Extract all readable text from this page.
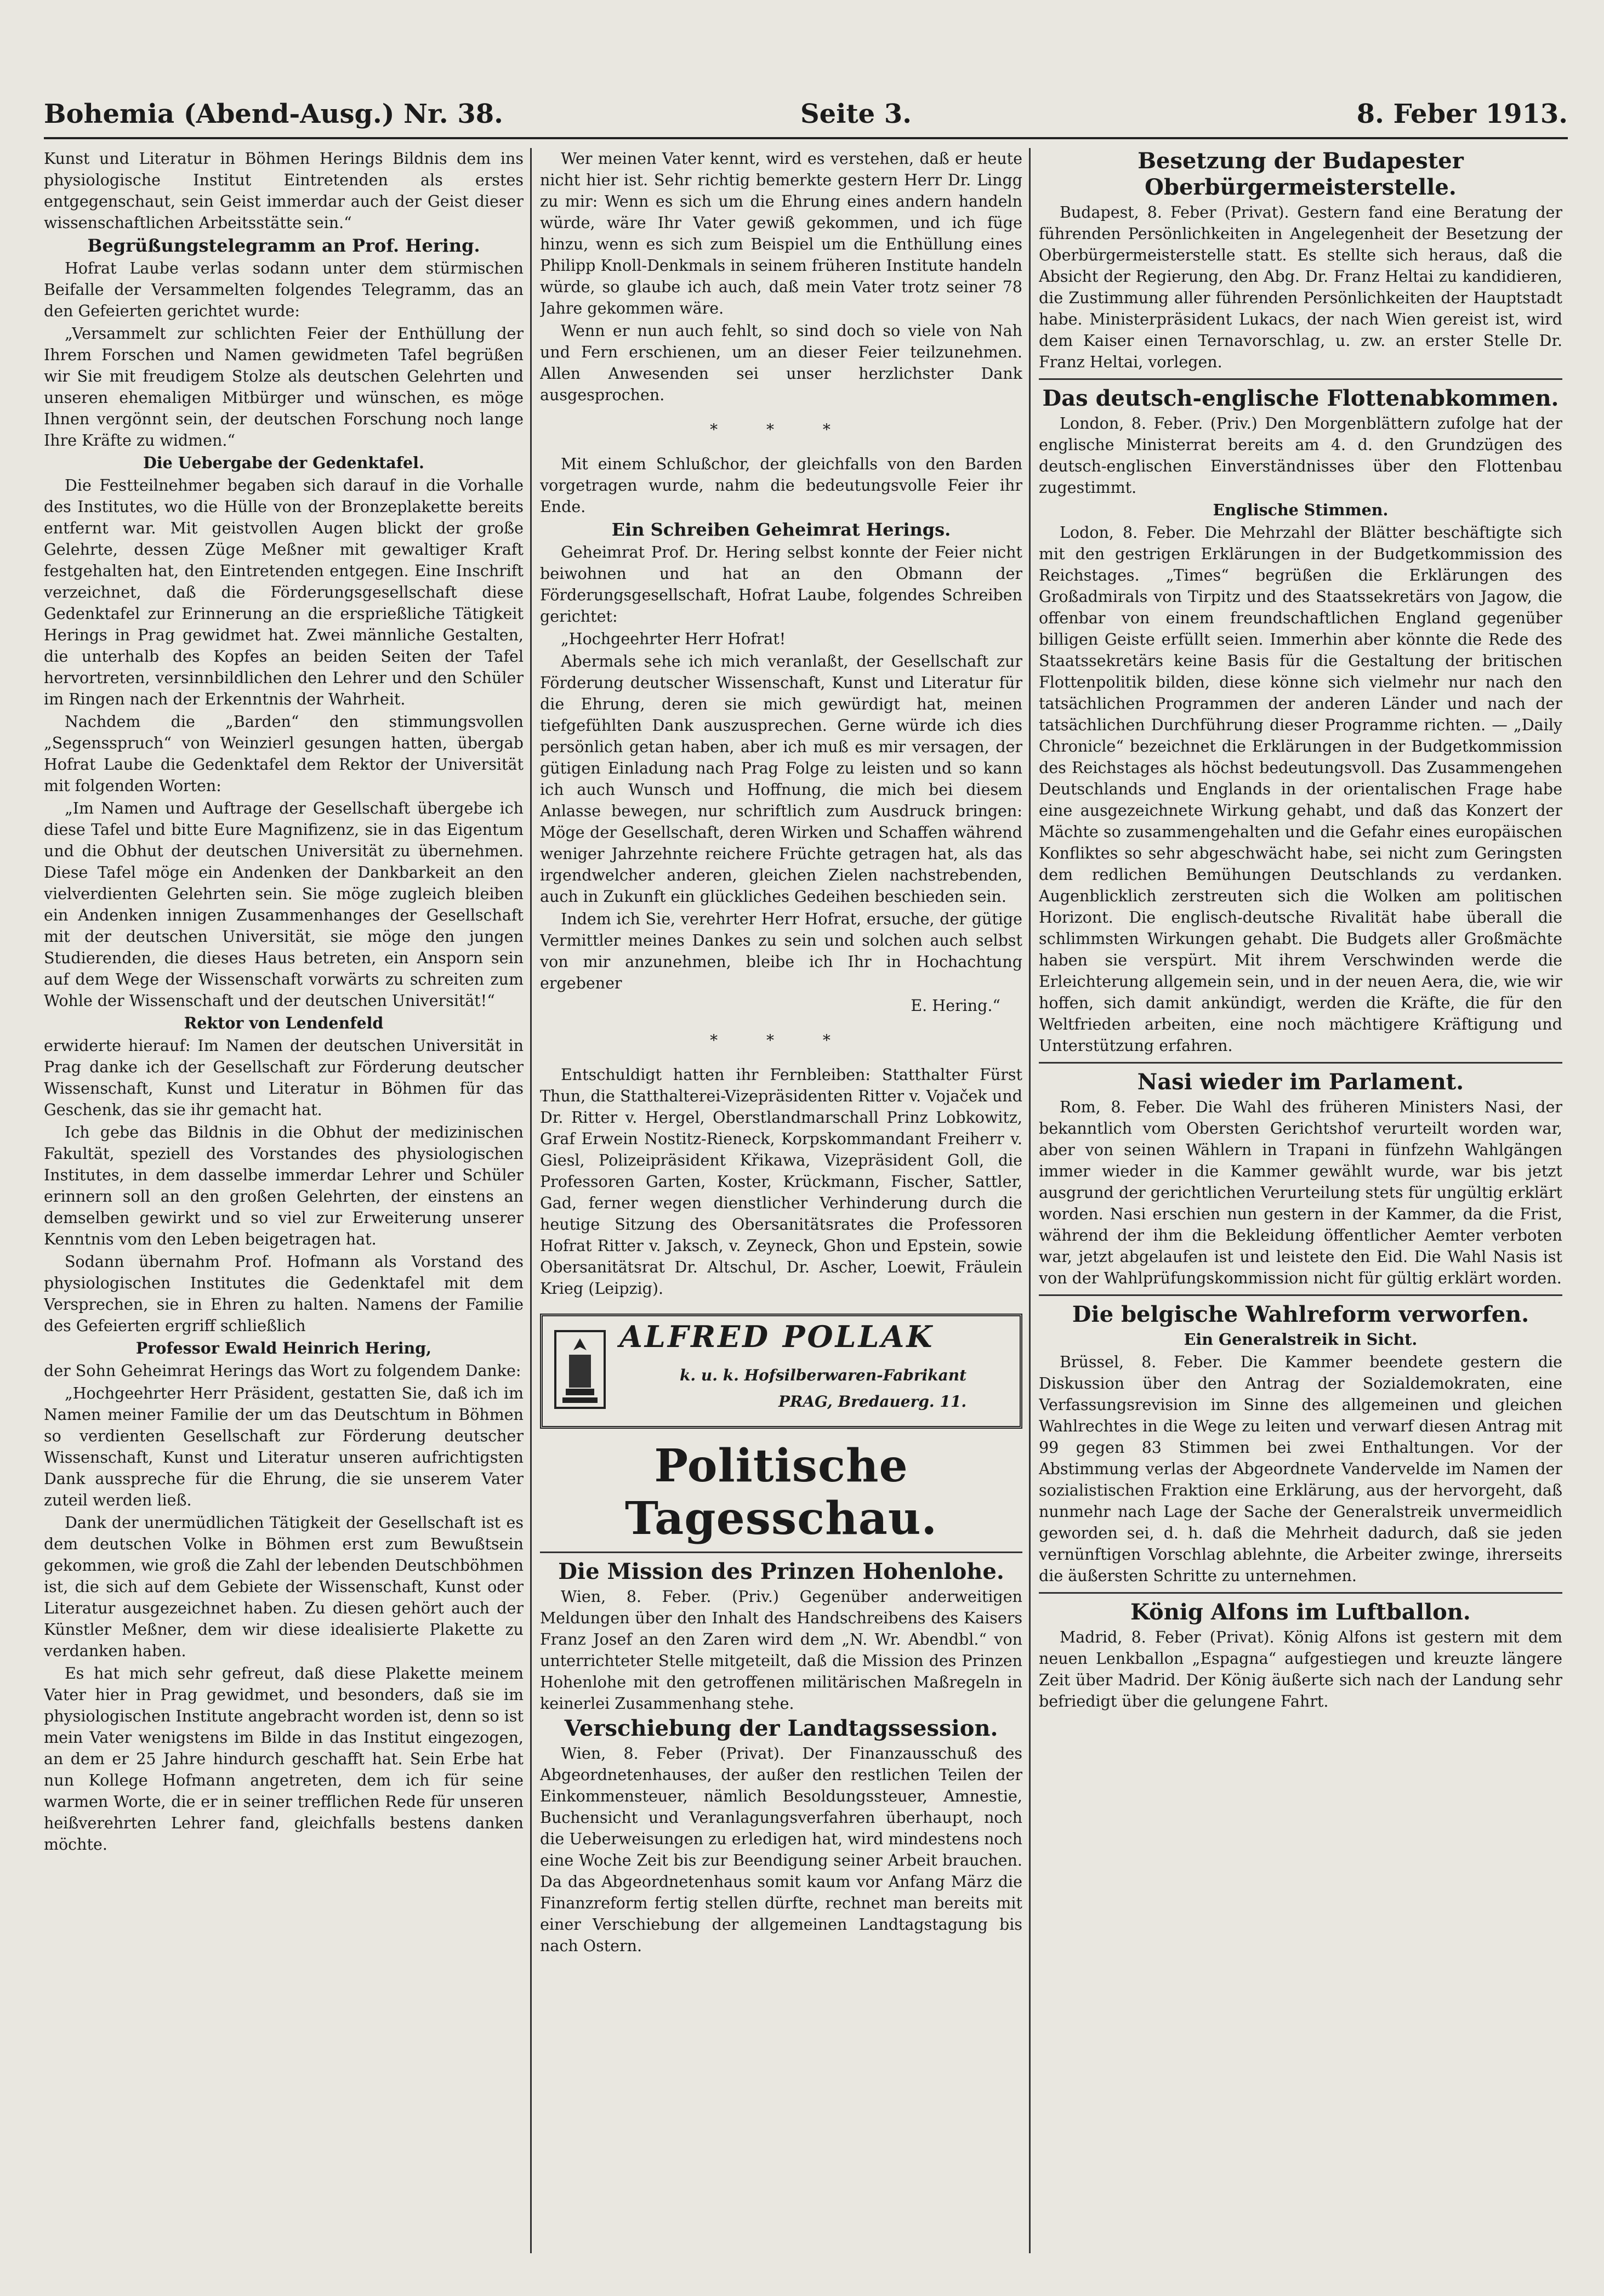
Bohemia (Abend-Ausg.) Nr. 38.	Seite 3.	8. Feber 1913.

Kunst und Literatur in Böhmen Herings Bildnis dem ins physiologische Institut Eintretenden als erstes entgegenschaut, sein Geist immerdar auch der Geist dieser wissenschaftlichen Arbeitsstätte sein.“

Begrüßungstelegramm an Prof. Hering.

Hofrat Laube verlas sodann unter dem stürmischen Beifalle der Versammelten folgendes Telegramm, das an den Gefeierten gerichtet wurde:

„Versammelt zur schlichten Feier der Enthüllung der Ihrem Forschen und Namen gewidmeten Tafel begrüßen wir Sie mit freudigem Stolze als deutschen Gelehrten und unseren ehemaligen Mitbürger und wünschen, es möge Ihnen vergönnt sein, der deutschen Forschung noch lange Ihre Kräfte zu widmen.“

Die Uebergabe der Gedenktafel.

Die Festteilnehmer begaben sich darauf in die Vorhalle des Institutes, wo die Hülle von der Bronzeplakette bereits entfernt war. Mit geistvollen Augen blickt der große Gelehrte, dessen Züge Meßner mit gewaltiger Kraft festgehalten hat, den Eintretenden entgegen. Eine Inschrift verzeichnet, daß die Förderungsgesellschaft diese Gedenktafel zur Erinnerung an die ersprießliche Tätigkeit Herings in Prag gewidmet hat. Zwei männliche Gestalten, die unterhalb des Kopfes an beiden Seiten der Tafel hervortreten, versinnbildlichen den Lehrer und den Schüler im Ringen nach der Erkenntnis der Wahrheit.

Nachdem die „Barden“ den stimmungsvollen „Segensspruch“ von Weinzierl gesungen hatten, übergab Hofrat Laube die Gedenktafel dem Rektor der Universität mit folgenden Worten:

„Im Namen und Auftrage der Gesellschaft übergebe ich diese Tafel und bitte Eure Magnifizenz, sie in das Eigentum und die Obhut der deutschen Universität zu übernehmen. Diese Tafel möge ein Andenken der Dankbarkeit an den vielverdienten Gelehrten sein. Sie möge zugleich bleiben ein Andenken innigen Zusammenhanges der Gesellschaft mit der deutschen Universität, sie möge den jungen Studierenden, die dieses Haus betreten, ein Ansporn sein auf dem Wege der Wissenschaft vorwärts zu schreiten zum Wohle der Wissenschaft und der deutschen Universität!“

Rektor von Lendenfeld

erwiderte hierauf: Im Namen der deutschen Universität in Prag danke ich der Gesellschaft zur Förderung deutscher Wissenschaft, Kunst und Literatur in Böhmen für das Geschenk, das sie ihr gemacht hat.

Ich gebe das Bildnis in die Obhut der medizinischen Fakultät, speziell des Vorstandes des physiologischen Institutes, in dem dasselbe immerdar Lehrer und Schüler erinnern soll an den großen Gelehrten, der einstens an demselben gewirkt und so viel zur Erweiterung unserer Kenntnis vom den Leben beigetragen hat.

Sodann übernahm Prof. Hofmann als Vorstand des physiologischen Institutes die Gedenktafel mit dem Versprechen, sie in Ehren zu halten. Namens der Familie des Gefeierten ergriff schließlich

Professor Ewald Heinrich Hering,

der Sohn Geheimrat Herings das Wort zu folgendem Danke:

„Hochgeehrter Herr Präsident, gestatten Sie, daß ich im Namen meiner Familie der um das Deutschtum in Böhmen so verdienten Gesellschaft zur Förderung deutscher Wissenschaft, Kunst und Literatur unseren aufrichtigsten Dank ausspreche für die Ehrung, die sie unserem Vater zuteil werden ließ.

Dank der unermüdlichen Tätigkeit der Gesellschaft ist es dem deutschen Volke in Böhmen erst zum Bewußtsein gekommen, wie groß die Zahl der lebenden Deutschböhmen ist, die sich auf dem Gebiete der Wissenschaft, Kunst oder Literatur ausgezeichnet haben. Zu diesen gehört auch der Künstler Meßner, dem wir diese idealisierte Plakette zu verdanken haben.

Es hat mich sehr gefreut, daß diese Plakette meinem Vater hier in Prag gewidmet, und besonders, daß sie im physiologischen Institute angebracht worden ist, denn so ist mein Vater wenigstens im Bilde in das Institut eingezogen, an dem er 25 Jahre hindurch geschafft hat. Sein Erbe hat nun Kollege Hofmann angetreten, dem ich für seine warmen Worte, die er in seiner trefflichen Rede für unseren heißverehrten Lehrer fand, gleichfalls bestens danken möchte.

Wer meinen Vater kennt, wird es verstehen, daß er heute nicht hier ist. Sehr richtig bemerkte gestern Herr Dr. Lingg zu mir: Wenn es sich um die Ehrung eines andern handeln würde, wäre Ihr Vater gewiß gekommen, und ich füge hinzu, wenn es sich zum Beispiel um die Enthüllung eines Philipp Knoll-Denkmals in seinem früheren Institute handeln würde, so glaube ich auch, daß mein Vater trotz seiner 78 Jahre gekommen wäre.

Wenn er nun auch fehlt, so sind doch so viele von Nah und Fern erschienen, um an dieser Feier teilzunehmen. Allen Anwesenden sei unser herzlichster Dank ausgesprochen.

* * *

Mit einem Schlußchor, der gleichfalls von den Barden vorgetragen wurde, nahm die bedeutungsvolle Feier ihr Ende.

Ein Schreiben Geheimrat Herings.

Geheimrat Prof. Dr. Hering selbst konnte der Feier nicht beiwohnen und hat an den Obmann der Förderungsgesellschaft, Hofrat Laube, folgendes Schreiben gerichtet:

„Hochgeehrter Herr Hofrat!

Abermals sehe ich mich veranlaßt, der Gesellschaft zur Förderung deutscher Wissenschaft, Kunst und Literatur für die Ehrung, deren sie mich gewürdigt hat, meinen tiefgefühlten Dank auszusprechen. Gerne würde ich dies persönlich getan haben, aber ich muß es mir versagen, der gütigen Einladung nach Prag Folge zu leisten und so kann ich auch Wunsch und Hoffnung, die mich bei diesem Anlasse bewegen, nur schriftlich zum Ausdruck bringen: Möge der Gesellschaft, deren Wirken und Schaffen während weniger Jahrzehnte reichere Früchte getragen hat, als das irgendwelcher anderen, gleichen Zielen nachstrebenden, auch in Zukunft ein glückliches Gedeihen beschieden sein.

Indem ich Sie, verehrter Herr Hofrat, ersuche, der gütige Vermittler meines Dankes zu sein und solchen auch selbst von mir anzunehmen, bleibe ich Ihr in Hochachtung ergebener

E. Hering.“

* * *

Entschuldigt hatten ihr Fernbleiben: Statthalter Fürst Thun, die Statthalterei-Vizepräsidenten Ritter v. Vojaček und Dr. Ritter v. Hergel, Oberstlandmarschall Prinz Lobkowitz, Graf Erwein Nostitz-Rieneck, Korpskommandant Freiherr v. Giesl, Polizeipräsident Křikawa, Vizepräsident Goll, die Professoren Garten, Koster, Krückmann, Fischer, Sattler, Gad, ferner wegen dienstlicher Verhinderung durch die heutige Sitzung des Obersanitätsrates die Professoren Hofrat Ritter v. Jaksch, v. Zeyneck, Ghon und Epstein, sowie Obersanitätsrat Dr. Altschul, Dr. Ascher, Loewit, Fräulein Krieg (Leipzig).

ALFRED POLLAK
k. u. k. Hofsilberwaren-Fabrikant
PRAG, Bredauerg. 11.
Politische Tagesschau.

Die Mission des Prinzen Hohenlohe.

Wien, 8. Feber. (Priv.) Gegenüber anderweitigen Meldungen über den Inhalt des Handschreibens des Kaisers Franz Josef an den Zaren wird dem „N. Wr. Abendbl.“ von unterrichteter Stelle mitgeteilt, daß die Mission des Prinzen Hohenlohe mit den getroffenen militärischen Maßregeln in keinerlei Zusammenhang stehe.

Verschiebung der Landtagssession.

Wien, 8. Feber (Privat). Der Finanzausschuß des Abgeordnetenhauses, der außer den restlichen Teilen der Einkommensteuer, nämlich Besoldungssteuer, Amnestie, Buchensicht und Veranlagungsverfahren überhaupt, noch die Ueberweisungen zu erledigen hat, wird mindestens noch eine Woche Zeit bis zur Beendigung seiner Arbeit brauchen. Da das Abgeordnetenhaus somit kaum vor Anfang März die Finanzreform fertig stellen dürfte, rechnet man bereits mit einer Verschiebung der allgemeinen Landtagstagung bis nach Ostern.

Besetzung der Budapester Oberbürgermeisterstelle.

Budapest, 8. Feber (Privat). Gestern fand eine Beratung der führenden Persönlichkeiten in Angelegenheit der Besetzung der Oberbürgermeisterstelle statt. Es stellte sich heraus, daß die Absicht der Regierung, den Abg. Dr. Franz Heltai zu kandidieren, die Zustimmung aller führenden Persönlichkeiten der Hauptstadt habe. Ministerpräsident Lukacs, der nach Wien gereist ist, wird dem Kaiser einen Ternavorschlag, u. zw. an erster Stelle Dr. Franz Heltai, vorlegen.

Das deutsch-englische Flottenabkommen.

London, 8. Feber. (Priv.) Den Morgenblättern zufolge hat der englische Ministerrat bereits am 4. d. den Grundzügen des deutsch-englischen Einverständnisses über den Flottenbau zugestimmt.

Englische Stimmen.

Lodon, 8. Feber. Die Mehrzahl der Blätter beschäftigte sich mit den gestrigen Erklärungen in der Budgetkommission des Reichstages. „Times“ begrüßen die Erklärungen des Großadmirals von Tirpitz und des Staatssekretärs von Jagow, die offenbar von einem freundschaftlichen England gegenüber billigen Geiste erfüllt seien. Immerhin aber könnte die Rede des Staatssekretärs keine Basis für die Gestaltung der britischen Flottenpolitik bilden, diese könne sich vielmehr nur nach den tatsächlichen Programmen der anderen Länder und nach der tatsächlichen Durchführung dieser Programme richten. — „Daily Chronicle“ bezeichnet die Erklärungen in der Budgetkommission des Reichstages als höchst bedeutungsvoll. Das Zusammengehen Deutschlands und Englands in der orientalischen Frage habe eine ausgezeichnete Wirkung gehabt, und daß das Konzert der Mächte so zusammengehalten und die Gefahr eines europäischen Konfliktes so sehr abgeschwächt habe, sei nicht zum Geringsten dem redlichen Bemühungen Deutschlands zu verdanken. Augenblicklich zerstreuten sich die Wolken am politischen Horizont. Die englisch-deutsche Rivalität habe überall die schlimmsten Wirkungen gehabt. Die Budgets aller Großmächte haben sie verspürt. Mit ihrem Verschwinden werde die Erleichterung allgemein sein, und in der neuen Aera, die, wie wir hoffen, sich damit ankündigt, werden die Kräfte, die für den Weltfrieden arbeiten, eine noch mächtigere Kräftigung und Unterstützung erfahren.

Nasi wieder im Parlament.

Rom, 8. Feber. Die Wahl des früheren Ministers Nasi, der bekanntlich vom Obersten Gerichtshof verurteilt worden war, aber von seinen Wählern in Trapani in fünfzehn Wahlgängen immer wieder in die Kammer gewählt wurde, war bis jetzt ausgrund der gerichtlichen Verurteilung stets für ungültig erklärt worden. Nasi erschien nun gestern in der Kammer, da die Frist, während der ihm die Bekleidung öffentlicher Aemter verboten war, jetzt abgelaufen ist und leistete den Eid. Die Wahl Nasis ist von der Wahlprüfungskommission nicht für gültig erklärt worden.

Die belgische Wahlreform verworfen.

Ein Generalstreik in Sicht.

Brüssel, 8. Feber. Die Kammer beendete gestern die Diskussion über den Antrag der Sozialdemokraten, eine Verfassungsrevision im Sinne des allgemeinen und gleichen Wahlrechtes in die Wege zu leiten und verwarf diesen Antrag mit 99 gegen 83 Stimmen bei zwei Enthaltungen. Vor der Abstimmung verlas der Abgeordnete Vandervelde im Namen der sozialistischen Fraktion eine Erklärung, aus der hervorgeht, daß nunmehr nach Lage der Sache der Generalstreik unvermeidlich geworden sei, d. h. daß die Mehrheit dadurch, daß sie jeden vernünftigen Vorschlag ablehnte, die Arbeiter zwinge, ihrerseits die äußersten Schritte zu unternehmen.

König Alfons im Luftballon.

Madrid, 8. Feber (Privat). König Alfons ist gestern mit dem neuen Lenkballon „Espagna“ aufgestiegen und kreuzte längere Zeit über Madrid. Der König äußerte sich nach der Landung sehr befriedigt über die gelungene Fahrt.
